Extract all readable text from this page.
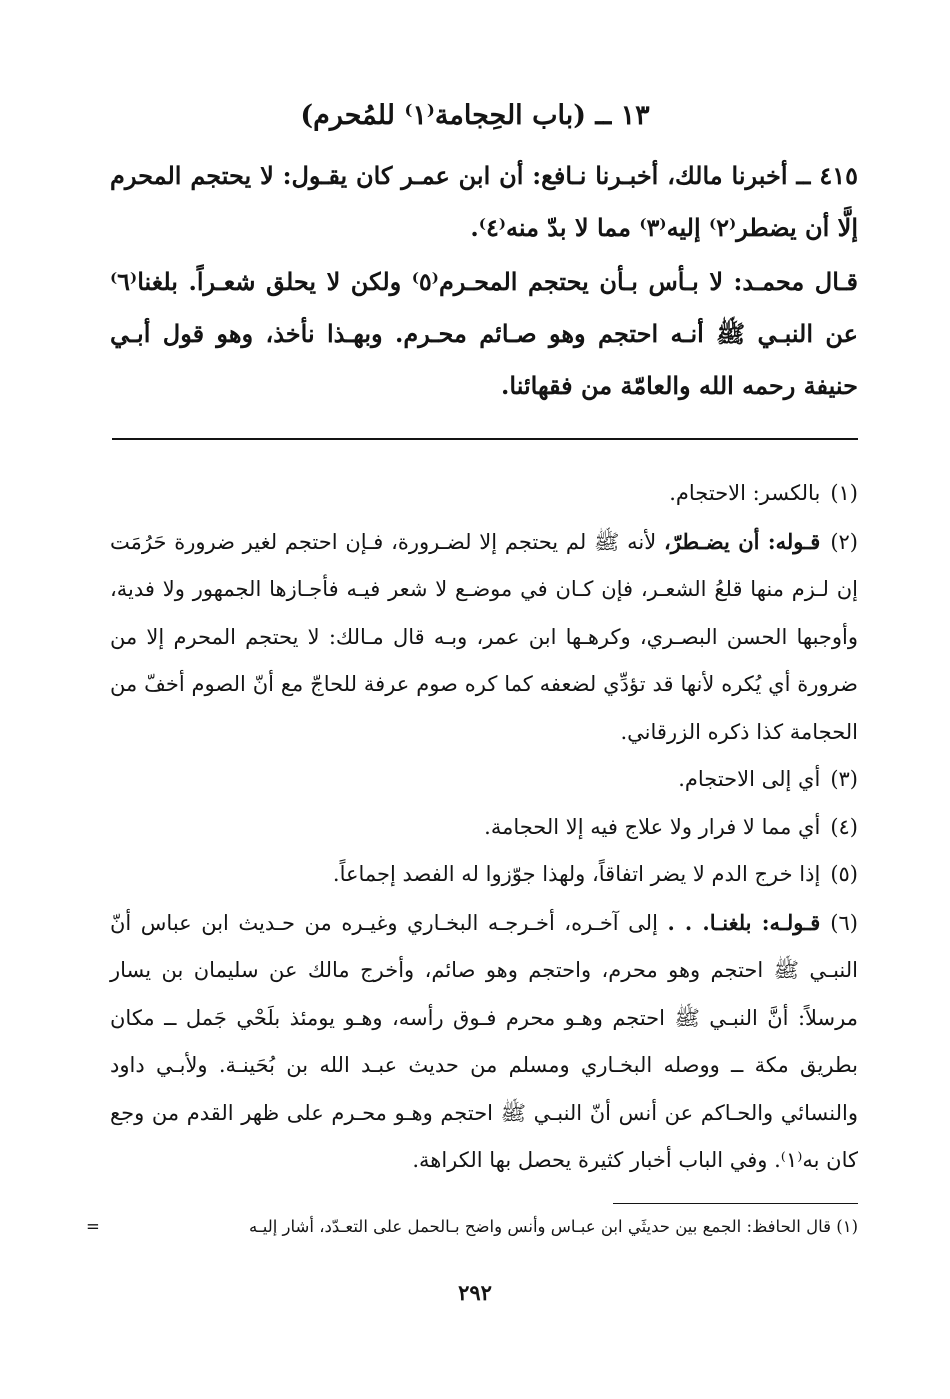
١٣ ــ (باب الحِجامة⁽١⁾ للمُحرم)

٤١٥ ــ أخبرنا مالك، أخبـرنا نـافع: أن ابن عمـر كان يقـول: لا يحتجم المحرم إلَّا أن يضطر⁽٢⁾ إليه⁽٣⁾ مما لا بدّ منه⁽٤⁾.

قـال محمـد: لا بـأس بـأن يحتجم المحـرم⁽٥⁾ ولكن لا يحلق شعـراً. بلغنا⁽٦⁾ عن النبـي ﷺ أنـه احتجم وهو صـائم محـرم. وبهـذا نأخذ، وهو قول أبـي حنيفة رحمه الله والعامّة من فقهائنا.

(١)بالكسر: الاحتجام.

(٢)قـوله: أن يضـطرّ، لأنه ﷺ لم يحتجم إلا لضـرورة، فـإن احتجم لغير ضرورة حَرُمَت إن لـزم منها قلعُ الشعـر، فإن كـان في موضـع لا شعر فيـه فأجـازها الجمهور ولا فدية، وأوجبها الحسن البصـري، وكرهـها ابن عمر، وبـه قال مـالك: لا يحتجم المحرم إلا من ضرورة أي يُكره لأنها قد تؤدِّي لضعفه كما كره صوم عرفة للحاجّ مع أنّ الصوم أخفّ من الحجامة كذا ذكره الزرقاني.

(٣)أي إلى الاحتجام.

(٤)أي مما لا فرار ولا علاج فيه إلا الحجامة.

(٥)إذا خرج الدم لا يضر اتفاقاً، ولهذا جوّزوا له الفصد إجماعاً.

(٦)قـولـه: بلغنـا. . . إلى آخـره، أخـرجـه البخـاري وغيـره من حـديث ابن عباس أنّ النبـي ﷺ احتجم وهو محرم، واحتجم وهو صائم، وأخرج مالك عن سليمان بن يسار مرسلاً: أنَّ النبـي ﷺ احتجم وهـو محرم فـوق رأسه، وهـو يومئذ بلَحْي جَمل ــ مكان بطريق مكة ــ ووصله البخـاري ومسلم من حديث عبـد الله بن بُحَينـة. ولأبـي داود والنسائي والحـاكم عن أنس أنّ النبـي ﷺ احتجم وهـو محـرم على ظهر القدم من وجع كان به⁽١⁾. وفي الباب أخبار كثيرة يحصل بها الكراهة.

(١) قال الحافظ: الجمع بين حديثَي ابن عبـاس وأنس واضح بـالحمل على التعـدّد، أشار إليـه
=
٢٩٢
